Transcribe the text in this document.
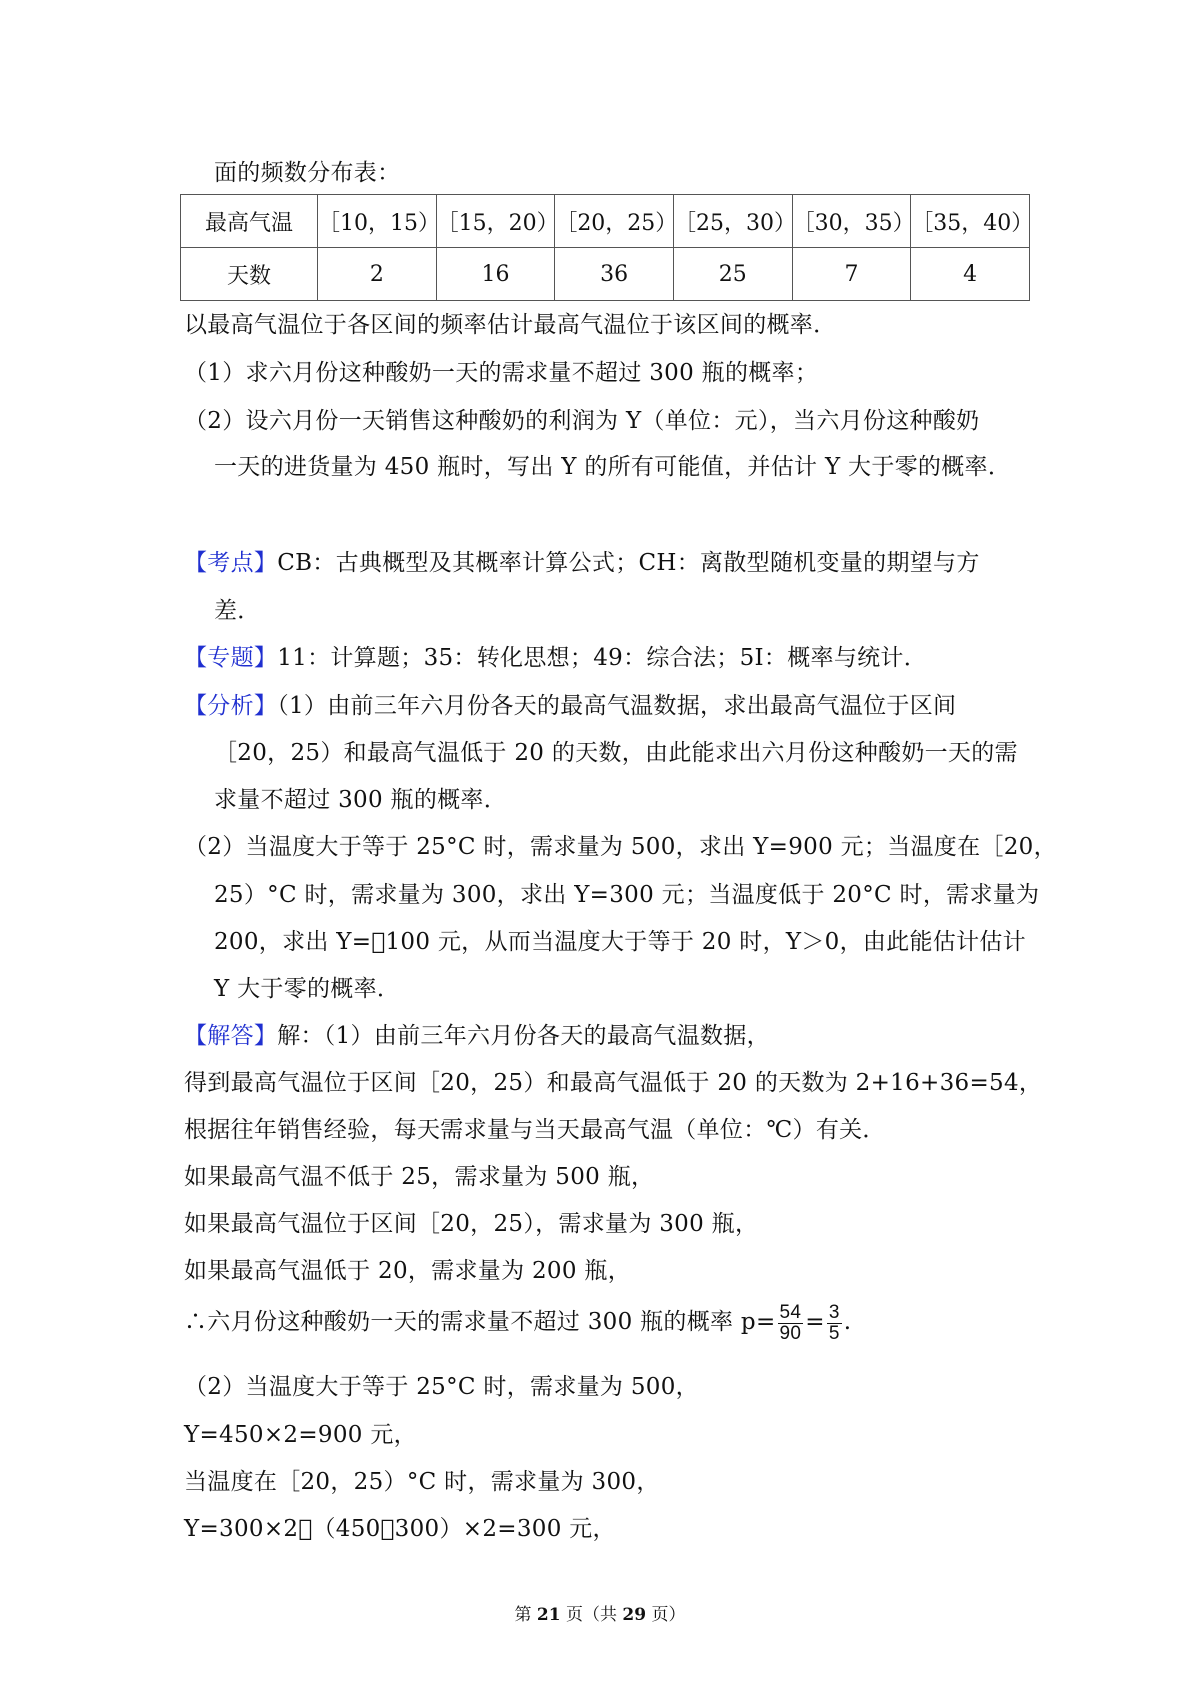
面的频数分布表：
最高气温	［10，15）	［15，20）	［20，25）	［25，30）	［30，35）	［35，40）
天数	2	16	36	25	7	4
以最高气温位于各区间的频率估计最高气温位于该区间的概率．
（1）求六月份这种酸奶一天的需求量不超过 300 瓶的概率；
（2）设六月份一天销售这种酸奶的利润为 Y（单位：元），当六月份这种酸奶
一天的进货量为 450 瓶时，写出 Y 的所有可能值，并估计 Y 大于零的概率．
【考点】CB：古典概型及其概率计算公式；CH：离散型随机变量的期望与方
差．
【专题】11：计算题；35：转化思想；49：综合法；5I：概率与统计．
【分析】（1）由前三年六月份各天的最高气温数据，求出最高气温位于区间
［20，25）和最高气温低于 20 的天数，由此能求出六月份这种酸奶一天的需
求量不超过 300 瓶的概率．
（2）当温度大于等于 25°C 时，需求量为 500，求出 Y=900 元；当温度在［20，
25）°C 时，需求量为 300，求出 Y=300 元；当温度低于 20°C 时，需求量为
200，求出 Y= 100 元，从而当温度大于等于 20 时，Y＞0，由此能估计估计
Y 大于零的概率．
【解答】解：（1）由前三年六月份各天的最高气温数据，
得到最高气温位于区间［20，25）和最高气温低于 20 的天数为 2+16+36=54，
根据往年销售经验，每天需求量与当天最高气温（单位：℃）有关．
如果最高气温不低于 25，需求量为 500 瓶，
如果最高气温位于区间［20，25），需求量为 300 瓶，
如果最高气温低于 20，需求量为 200 瓶，
∴六月份这种酸奶一天的需求量不超过 300 瓶的概率 $p= \frac{54}{90} = \frac{3}{5}$ .
（2）当温度大于等于 25°C 时，需求量为 500，
Y=450×2=900 元，
当温度在［20，25）°C 时，需求量为 300，
Y=300×2 （450 300）×2=300 元，
第 21 页（共 29 页）
